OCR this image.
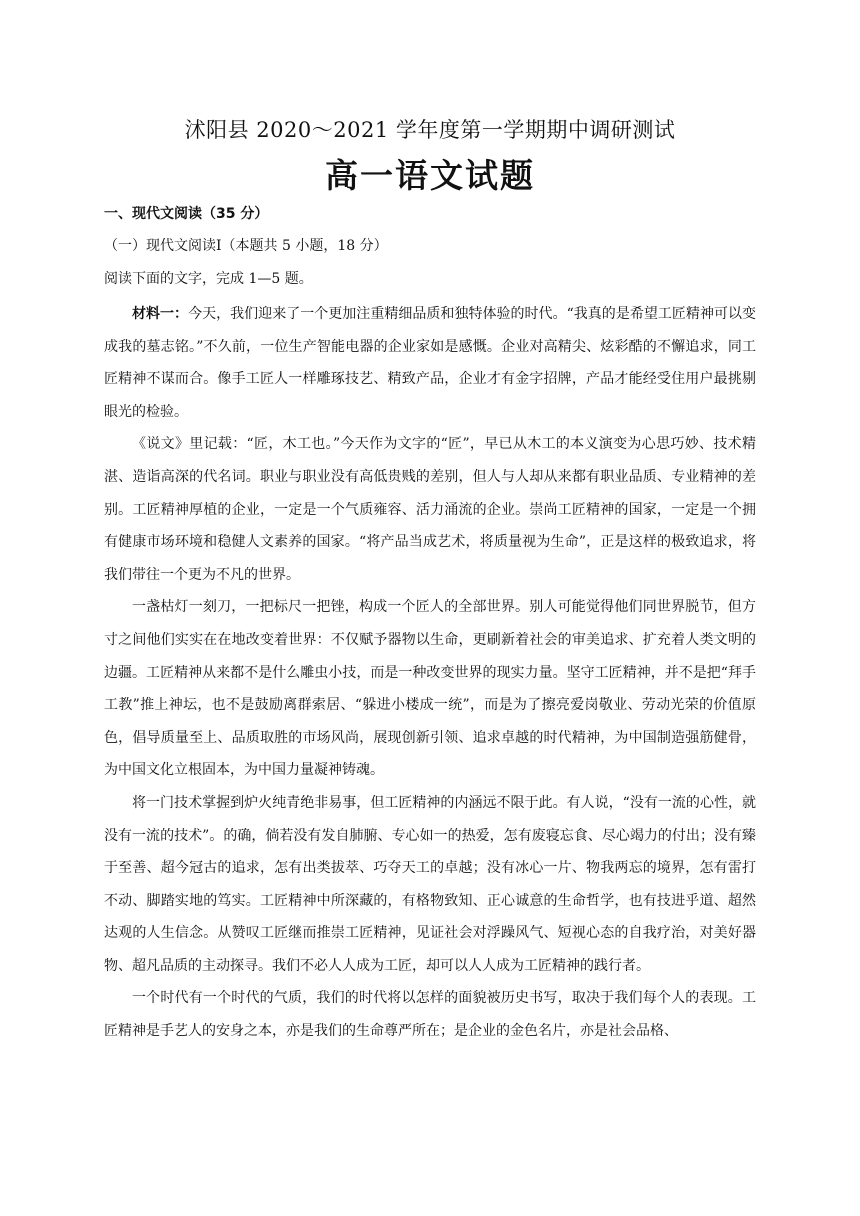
沭阳县 2020～2021 学年度第一学期期中调研测试
高一语文试题
一、现代文阅读（35 分）
（一）现代文阅读Ⅰ（本题共 5 小题，18 分）
阅读下面的文字，完成 1—5 题。

材料一：今天，我们迎来了一个更加注重精细品质和独特体验的时代。“我真的是希望工匠精神可以变成我的墓志铭。”不久前，一位生产智能电器的企业家如是感慨。企业对高精尖、炫彩酷的不懈追求，同工匠精神不谋而合。像手工匠人一样雕琢技艺、精致产品，企业才有金字招牌，产品才能经受住用户最挑剔眼光的检验。

《说文》里记载：“匠，木工也。”今天作为文字的“匠”，早已从木工的本义演变为心思巧妙、技术精湛、造诣高深的代名词。职业与职业没有高低贵贱的差别，但人与人却从来都有职业品质、专业精神的差别。工匠精神厚植的企业，一定是一个气质雍容、活力涌流的企业。崇尚工匠精神的国家，一定是一个拥有健康市场环境和稳健人文素养的国家。“将产品当成艺术，将质量视为生命”，正是这样的极致追求，将我们带往一个更为不凡的世界。

一盏枯灯一刻刀，一把标尺一把锉，构成一个匠人的全部世界。别人可能觉得他们同世界脱节，但方寸之间他们实实在在地改变着世界：不仅赋予器物以生命，更刷新着社会的审美追求、扩充着人类文明的边疆。工匠精神从来都不是什么雕虫小技，而是一种改变世界的现实力量。坚守工匠精神，并不是把“拜手工教”推上神坛，也不是鼓励离群索居、“躲进小楼成一统”，而是为了擦亮爱岗敬业、劳动光荣的价值原色，倡导质量至上、品质取胜的市场风尚，展现创新引领、追求卓越的时代精神，为中国制造强筋健骨，为中国文化立根固本，为中国力量凝神铸魂。

将一门技术掌握到炉火纯青绝非易事，但工匠精神的内涵远不限于此。有人说，“没有一流的心性，就没有一流的技术”。的确，倘若没有发自肺腑、专心如一的热爱，怎有废寝忘食、尽心竭力的付出；没有臻于至善、超今冠古的追求，怎有出类拔萃、巧夺天工的卓越；没有冰心一片、物我两忘的境界，怎有雷打不动、脚踏实地的笃实。工匠精神中所深藏的，有格物致知、正心诚意的生命哲学，也有技进乎道、超然达观的人生信念。从赞叹工匠继而推崇工匠精神，见证社会对浮躁风气、短视心态的自我疗治，对美好器物、超凡品质的主动探寻。我们不必人人成为工匠，却可以人人成为工匠精神的践行者。

一个时代有一个时代的气质，我们的时代将以怎样的面貌被历史书写，取决于我们每个人的表现。工匠精神是手艺人的安身之本，亦是我们的生命尊严所在；是企业的金色名片，亦是社会品格、
